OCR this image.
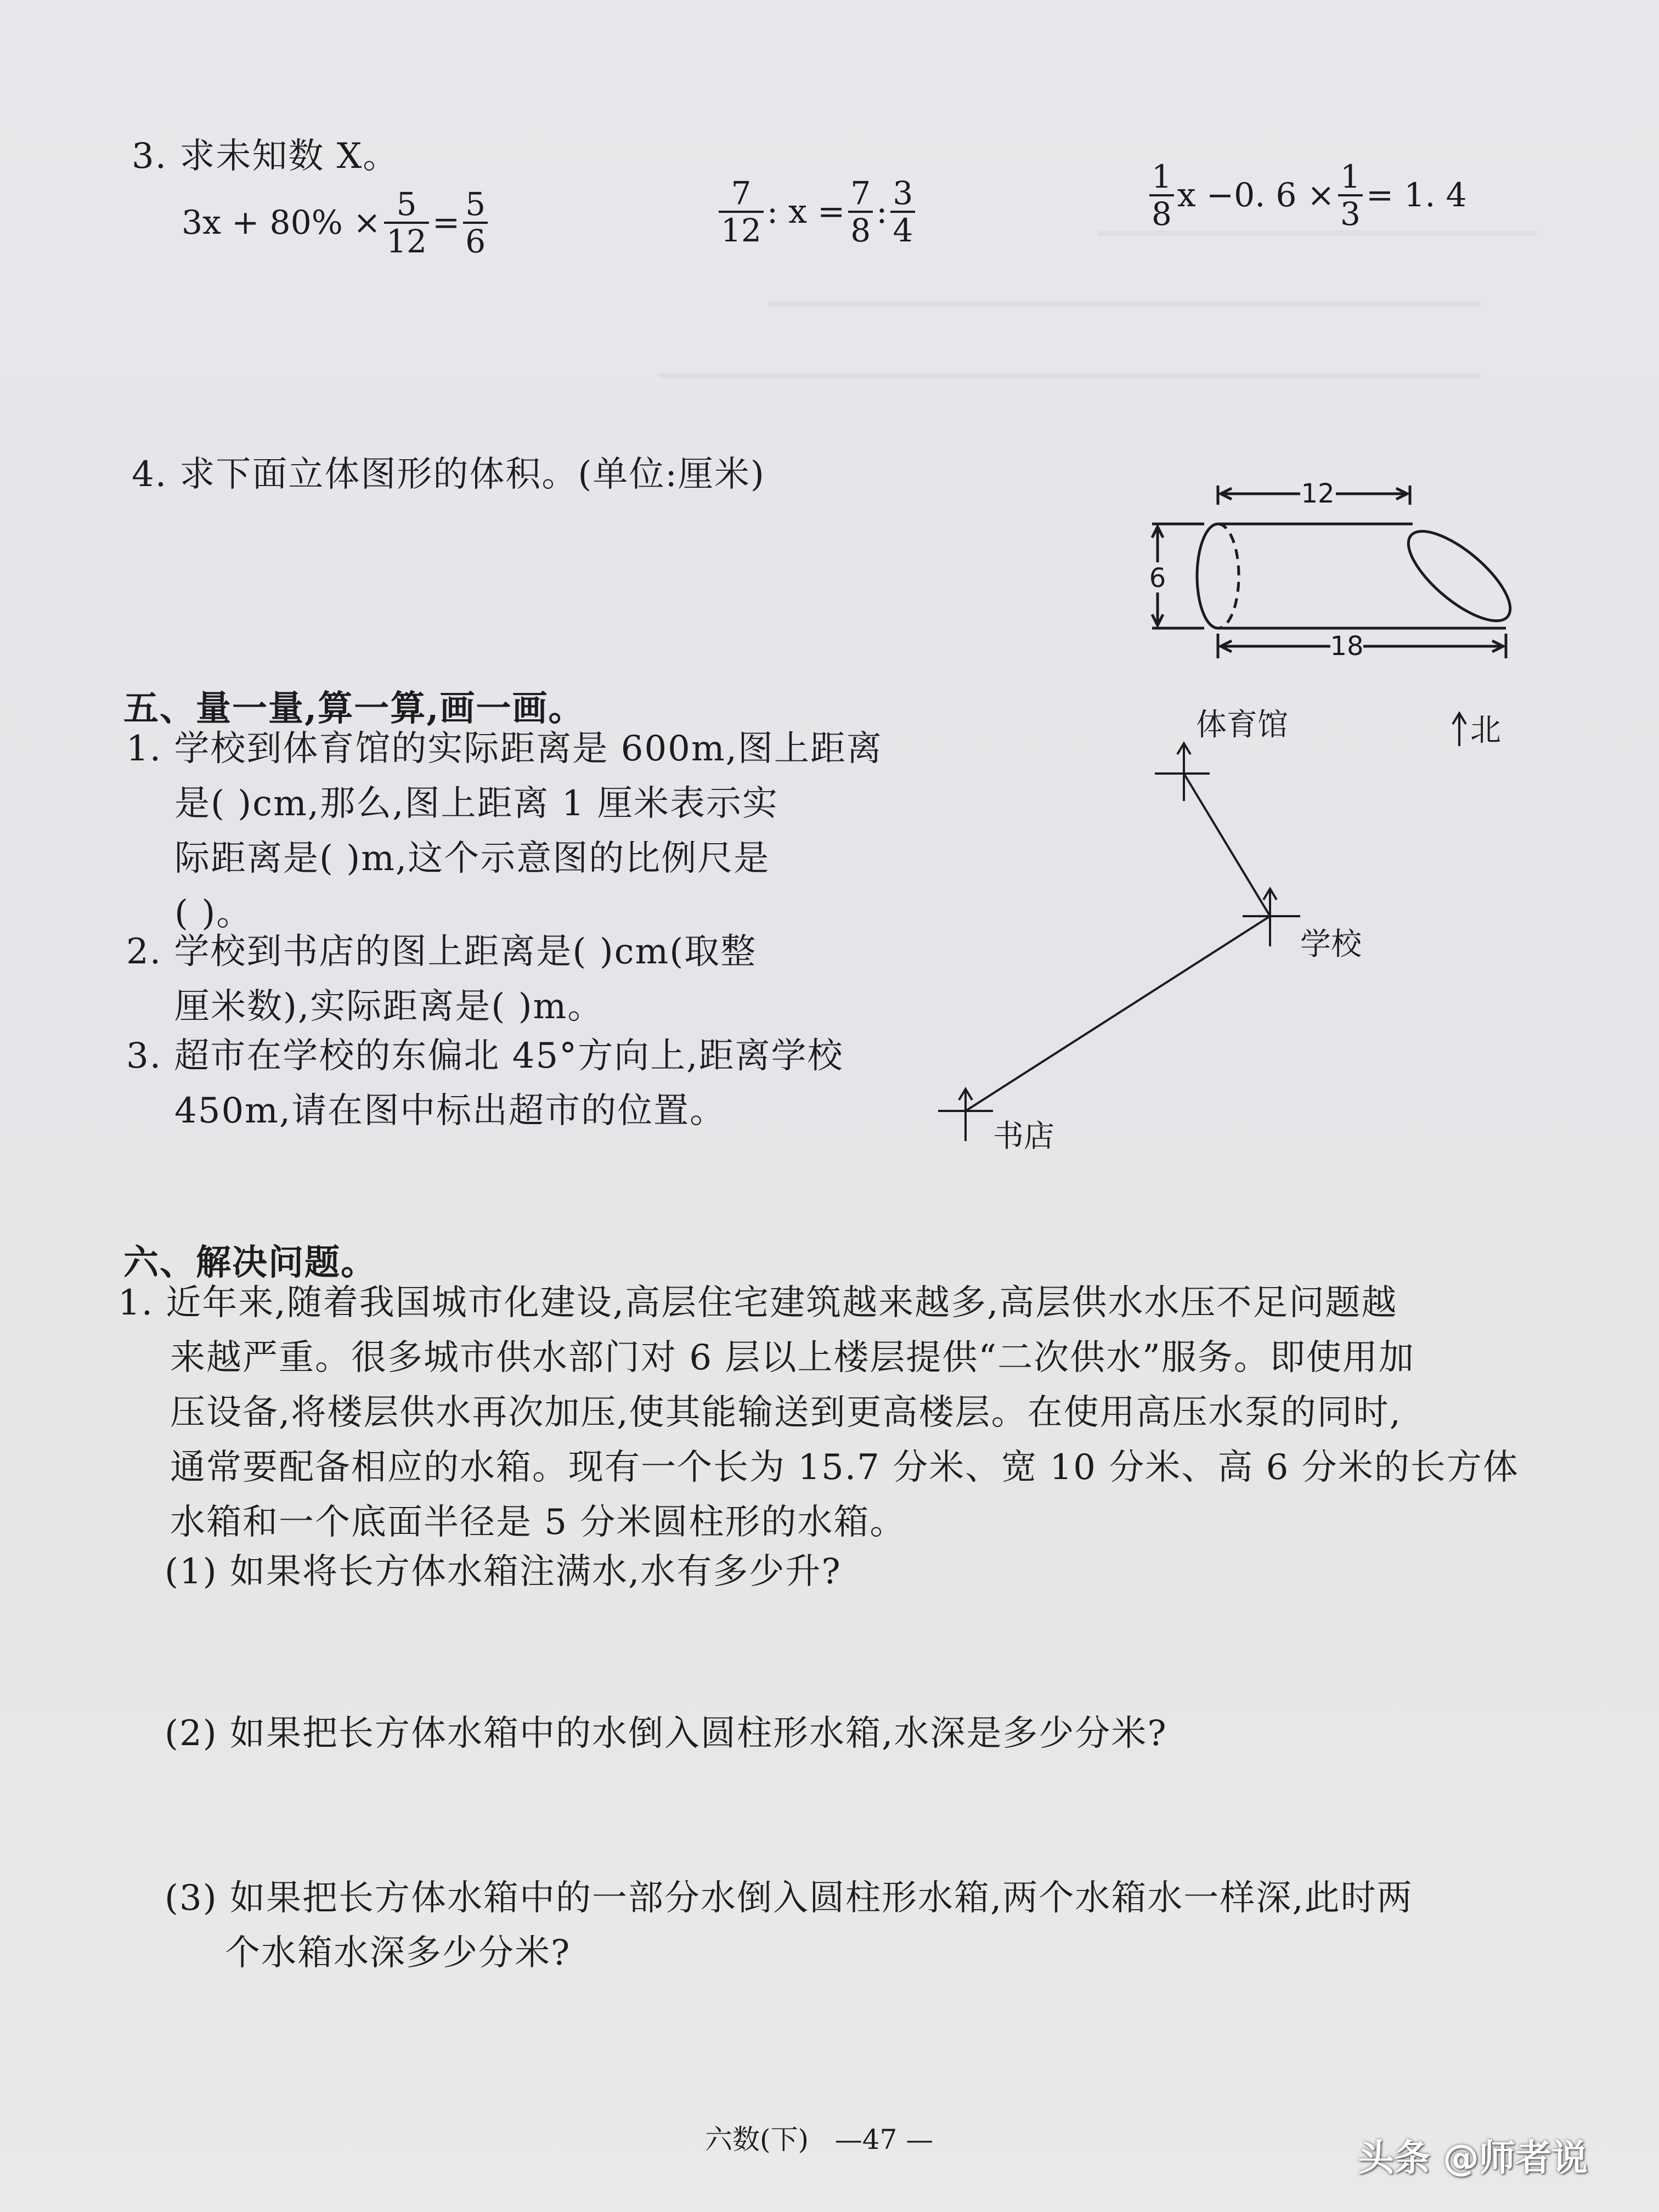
3. 求未知数 X。
$3x + 80\% \times \frac{5}{12} = \frac{5}{6}$	$\frac{7}{12}$ : $x = \frac{7}{8}$ : $\frac{3}{4}$	$\frac{1}{8}$ x −0. $6 \times \frac{1}{3} = 1$. 4
4. 求下面立体图形的体积。(单位:厘米)	12
6
18
五、量一量,算一算,画一画。
1. 学校到体育馆的实际距离是 600m,图上距离
是( )cm,那么,图上距离 1 厘米表示实
际距离是( )m,这个示意图的比例尺是
( )。
2. 学校到书店的图上距离是( )cm(取整
厘米数),实际距离是( )m。
3. 超市在学校的东偏北 45°方向上,距离学校
450m,请在图中标出超市的位置。
体育馆	北
学校
书店
六、解决问题。
1. 近年来,随着我国城市化建设,高层住宅建筑越来越多,高层供水水压不足问题越
来越严重。很多城市供水部门对 6 层以上楼层提供“二次供水”服务。即使用加
压设备,将楼层供水再次加压,使其能输送到更高楼层。在使用高压水泵的同时,
通常要配备相应的水箱。现有一个长为 15.7 分米、宽 10 分米、高 6 分米的长方体
水箱和一个底面半径是 5 分米圆柱形的水箱。
(1) 如果将长方体水箱注满水,水有多少升?
(2) 如果把长方体水箱中的水倒入圆柱形水箱,水深是多少分米?
(3) 如果把长方体水箱中的一部分水倒入圆柱形水箱,两个水箱水一样深,此时两
个水箱水深多少分米?
六数(下)   —47 —	头条 @师者说
